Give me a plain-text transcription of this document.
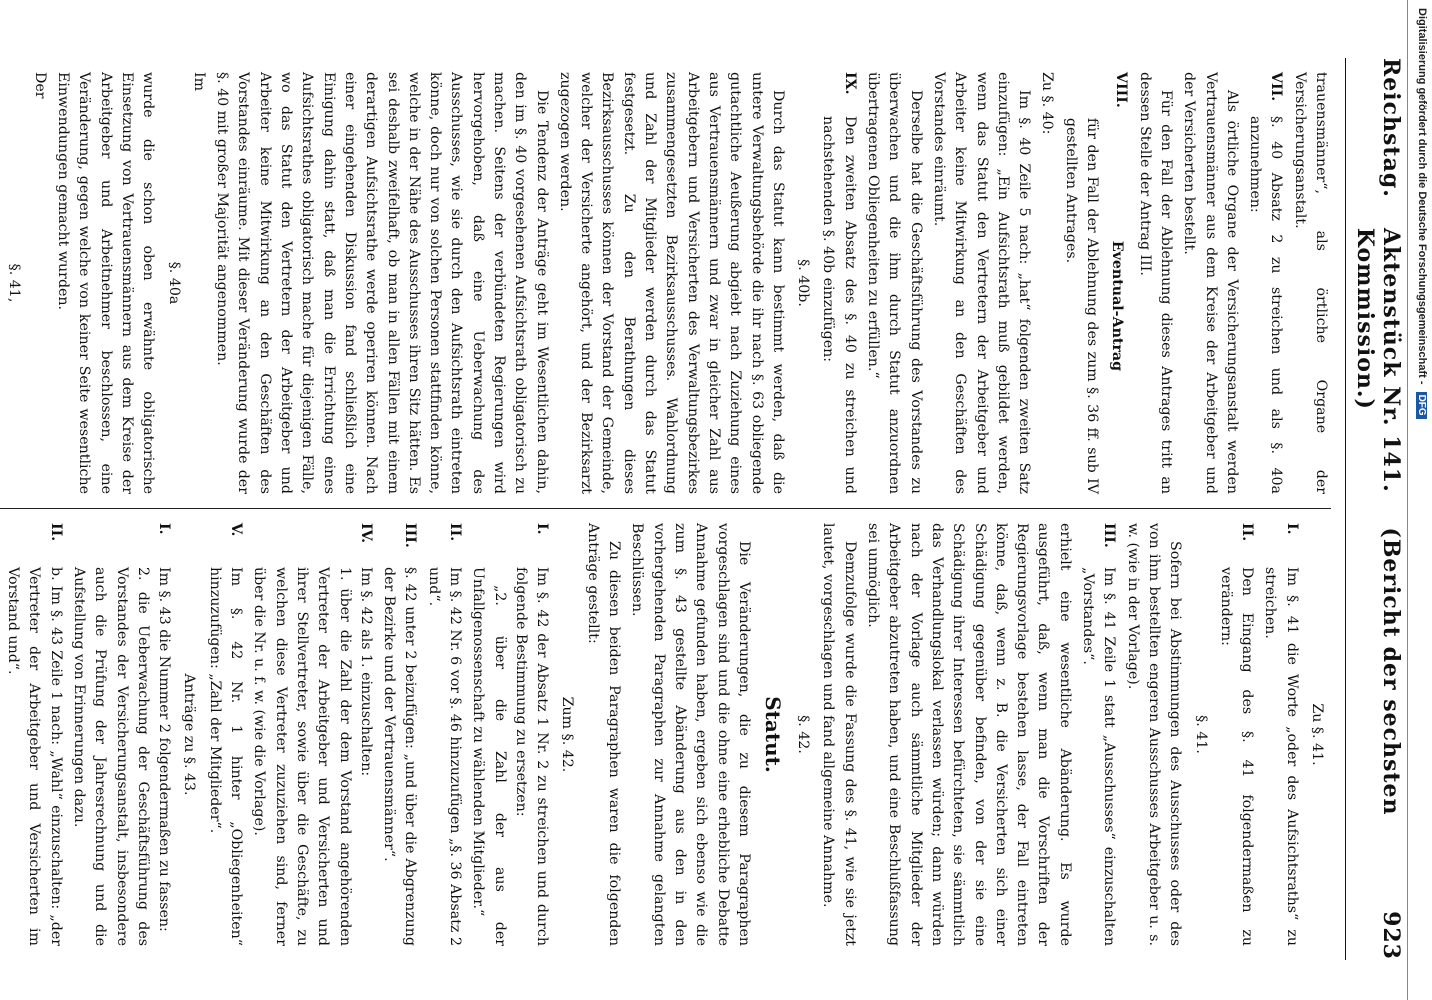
Reichstag.
Aktenstück Nr. 141.    (Bericht der sechsten Kommission.)
923

trauensmänner“, als örtliche Organe der Versicherungsanstalt.

VII.
§. 40 Absatz 2 zu streichen und als §. 40a anzunehmen:

Als örtliche Organe der Versicherungsanstalt werden Vertrauensmänner aus dem Kreise der Arbeitgeber und der Versicherten bestellt.

Für den Fall der Ablehnung dieses Antrages tritt an dessen Stelle der Antrag III.

VIII.
Eventual-Antrag
für den Fall der Ablehnung des zum §. 36 ff. sub IV gestellten Antrages.

Zu §. 40:

Im §. 40 Zeile 5 nach: „hat“ folgenden zweiten Satz einzufügen: „Ein Aufsichtsrath muß gebildet werden, wenn das Statut den Vertretern der Arbeitgeber und Arbeiter keine Mitwirkung an den Geschäften des Vorstandes einräumt.

Derselbe hat die Geschäftsführung des Vorstandes zu überwachen und die ihm durch Statut anzuordnen übertragenen Obliegenheiten zu erfüllen.“

IX.
Den zweiten Absatz des §. 40 zu streichen und nachstehenden §. 40b einzufügen:

§. 40b.

Durch das Statut kann bestimmt werden, daß die untere Verwaltungsbehörde die ihr nach §. 63 obliegende gutachtliche Aeußerung abgiebt nach Zuziehung eines aus Vertrauensmännern und zwar in gleicher Zahl aus Arbeitgebern und Versicherten des Verwaltungsbezirkes zusammengesetzten Bezirksausschusses. Wahlordnung und Zahl der Mitglieder werden durch das Statut festgesetzt. Zu den Berathungen dieses Bezirksausschusses können der Vorstand der Gemeinde, welcher der Versicherte angehört, und der Bezirksarzt zugezogen werden.

Die Tendenz der Anträge geht im Wesentlichen dahin, den im §. 40 vorgesehenen Aufsichtsrath obligatorisch zu machen. Seitens der verbündeten Regierungen wird hervorgehoben, daß eine Ueberwachung des Ausschusses, wie sie durch den Aufsichtsrath eintreten könne, doch nur von solchen Personen stattfinden könne, welche in der Nähe des Ausschusses ihren Sitz hätten. Es sei deshalb zweifelhaft, ob man in allen Fällen mit einem derartigen Aufsichtsrathe werde operiren können. Nach einer eingehenden Diskussion fand schließlich eine Einigung dahin statt, daß man die Errichtung eines Aufsichtsrathes obligatorisch mache für diejenigen Fälle, wo das Statut den Vertretern der Arbeitgeber und Arbeiter keine Mitwirkung an den Geschäften des Vorstandes einräume. Mit dieser Veränderung wurde der §. 40 mit großer Majorität angenommen.

Im

§. 40a

wurde die schon oben erwähnte obligatorische Einsetzung von Vertrauensmännern aus dem Kreise der Arbeitgeber und Arbeitnehmer beschlossen, eine Veränderung, gegen welche von keiner Seite wesentliche Einwendungen gemacht wurden.

Der

§. 41,

Zu §. 41.

I.
Im §. 41 die Worte „oder des Aufsichtsraths“ zu streichen.
II.
Den Eingang des §. 41 folgendermaßen zu verändern:

§. 41.

Sofern bei Abstimmungen des Ausschusses oder des von ihm bestellten engeren Ausschusses Arbeitgeber u. s. w. (wie in der Vorlage).

III.
Im §. 41 Zeile 1 statt „Ausschusses“ einzuschalten „Vorstandes“.

erhielt eine wesentliche Abänderung. Es wurde ausgeführt, daß, wenn man die Vorschriften der Regierungsvorlage bestehen lasse, der Fall eintreten könne, daß, wenn z. B. die Versicherten sich einer Schädigung gegenüber befinden, von der sie eine Schädigung ihrer Interessen befürchteten, sie sämmtlich das Verhandlungslokal verlassen würden; dann würden nach der Vorlage auch sämmtliche Mitglieder der Arbeitgeber abzutreten haben, und eine Beschlußfassung sei unmöglich.

Demzufolge wurde die Fassung des §. 41, wie sie jetzt lautet, vorgeschlagen und fand allgemeine Annahme.

§. 42.

Statut.

Die Veränderungen, die zu diesem Paragraphen vorgeschlagen sind und die ohne eine erhebliche Debatte Annahme gefunden haben, ergeben sich ebenso wie die zum §. 43 gestellte Abänderung aus den in den vorhergehenden Paragraphen zur Annahme gelangten Beschlüssen.

Zu diesen beiden Paragraphen waren die folgenden Anträge gestellt:

Zum §. 42.

I.
Im §. 42 der Absatz 1 Nr. 2 zu streichen und durch folgende Bestimmung zu ersetzen:
„2. über die Zahl der aus der Unfallgenossenschaft zu wählenden Mitglieder.“
II.
Im §. 42 Nr. 6 vor §. 46 hinzuzufügen „§. 36 Absatz 2 und“.
III.
§. 42 unter 2 beizufügen: „und über die Abgrenzung der Bezirke und der Vertrauensmänner“.
IV.
Im §. 42 als 1. einzuschalten:
1. über die Zahl der dem Vorstand angehörenden Vertreter der Arbeitgeber und Versicherten und ihrer Stellvertreter, sowie über die Geschäfte, zu welchen diese Vertreter zuzuziehen sind, ferner über die Nr. u. f. w. (wie die Vorlage).
V.
Im §. 42 Nr. 1 hinter „Obliegenheiten“ hinzuzufügen: „Zahl der Mitglieder“.

Anträge zu §. 43.

I.
Im §. 43 die Nummer 2 folgendermaßen zu fassen:
2. die Ueberwachung der Geschäftsführung des Vorstandes der Versicherungsanstalt, insbesondere auch die Prüfung der Jahresrechnung und die Aufstellung von Erinnerungen dazu.
II.
b. Im §. 43 Zeile 1 nach: „Wahl“ einzuschalten: „der Vertreter der Arbeitgeber und Versicherten im Vorstand und“.

Digitalisierung gefördert durch die Deutsche Forschungsgemeinschaft - DFG
